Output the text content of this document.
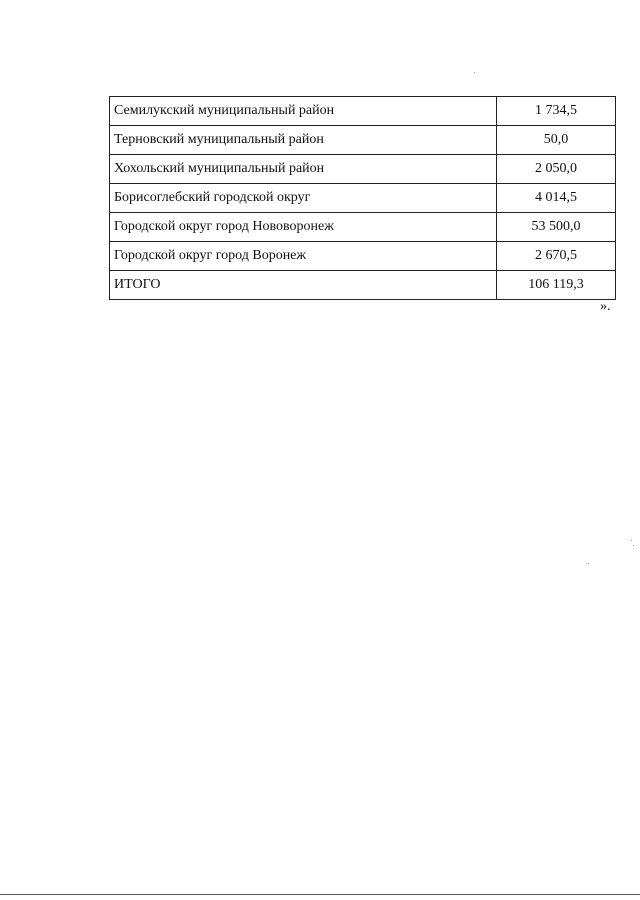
Семилукский муниципальный район	1 734,5
Терновский муниципальный район	50,0
Хохольский муниципальный район	2 050,0
Борисоглебский городской округ	4 014,5
Городской округ город Нововоронеж	53 500,0
Городской округ город Воронеж	2 670,5
ИТОГО	106 119,3
».
